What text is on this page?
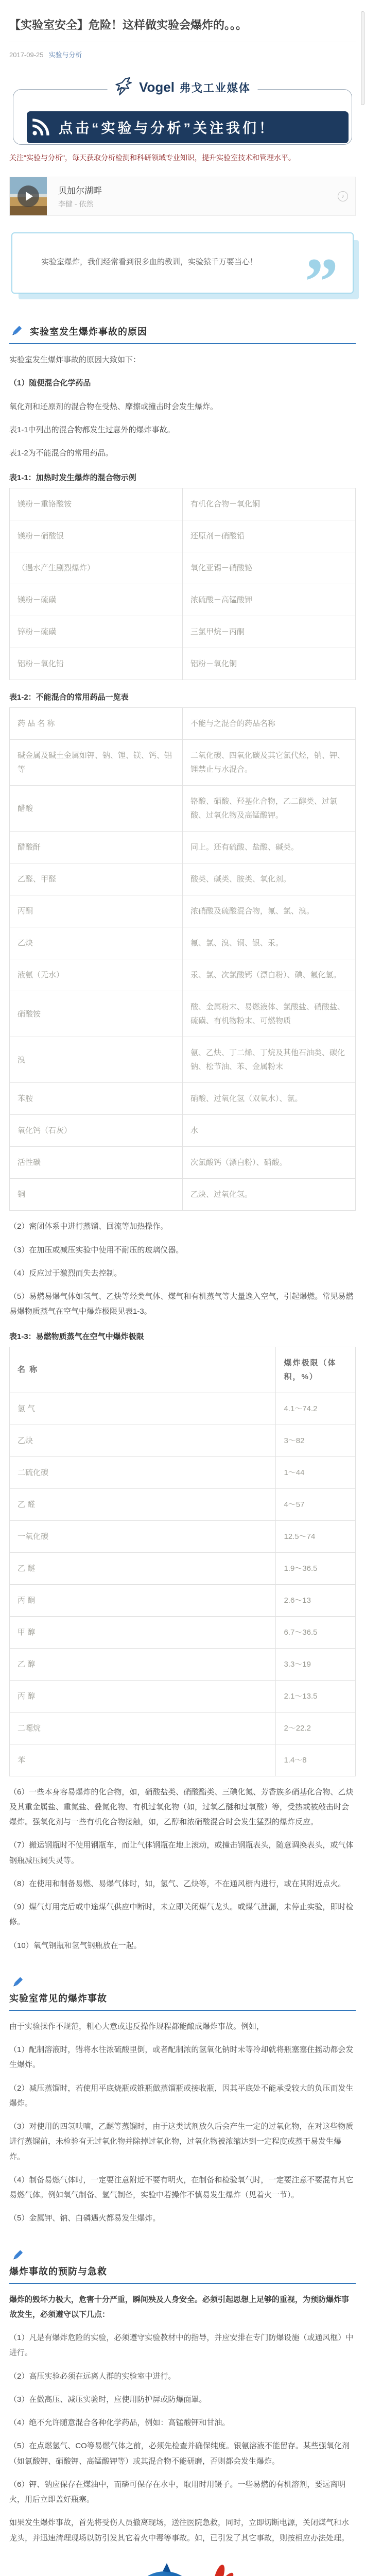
【实验室安全】危险！这样做实验会爆炸的。。。
2017-09-25 实验与分析
Vogel 弗戈工业媒体
点击“实验与分析”关注我们！

关注"实验与分析"，每天获取分析检测和科研领域专业知识，提升实验室技术和管理水平。

贝加尔湖畔

李健 - 依然

♪

实验室爆炸，我们经常看到很多血的教训，实验猿千万要当心！ ”
实验室发生爆炸事故的原因

实验室发生爆炸事故的原因大致如下：

（1）随便混合化学药品

氧化剂和还原剂的混合物在受热、摩擦或撞击时会发生爆炸。

表1-1中列出的混合物都发生过意外的爆炸事故。

表1-2为不能混合的常用药品。

表1-1：加热时发生爆炸的混合物示例

镁粉－重铬酸铵	有机化合物－氧化铜
镁粉－硝酸银	还原剂－硝酸铅
（遇水产生剧烈爆炸）	氧化亚锡－硝酸铋
镁粉－硫磺	浓硫酸－高锰酸钾
锌粉－硫磺	三氯甲烷－丙酮
铝粉－氧化铅	铝粉－氧化铜

表1-2：不能混合的常用药品一览表

药 品 名 称	不能与之混合的药品名称
碱金属及碱土金属如钾、钠、锂、镁、钙、铝等	二氧化碳、四氧化碳及其它氯代烃，钠、钾、锂禁止与水混合。
醋酸	铬酸、硝酸、羟基化合物，乙二醇类、过氯酸、过氧化物及高锰酸钾。
醋酸酐	同上。还有硫酸、盐酸、碱类。
乙醛、甲醛	酸类、碱类、胺类、氧化剂。
丙酮	浓硝酸及硫酸混合物，氟、氯、溴。
乙炔	氟、氯、溴、铜、银、汞。
液氨（无水）	汞、氯、次氯酸钙（漂白粉）、碘、氟化氢。
硝酸铵	酸、金属粉末、易燃液体、氯酸盐、硝酸盐、硫磺、有机物粉末、可燃物质
溴	氨、乙炔、丁二烯、丁烷及其他石油类、碳化钠、松节油、苯、金属粉末
苯胺	硝酸、过氧化氢（双氧水）、氯。
氧化钙（石灰）	水
活性碳	次氯酸钙（漂白粉）、硝酸。
铜	乙炔、过氧化氢。

（2）密闭体系中进行蒸馏、回流等加热操作。

（3）在加压或减压实验中使用不耐压的玻璃仪器。

（4）反应过于激烈而失去控制。

（5）易燃易爆气体如氢气、乙炔等烃类气体、煤气和有机蒸气等大量逸入空气，引起爆燃。常见易燃易爆物质蒸气在空气中爆炸极限见表1-3。

表1-3：易燃物质蒸气在空气中爆炸极限

名 称	爆炸极限（体积，%）
氢 气	4.1～74.2
乙炔	3～82
二硫化碳	1～44
乙 醛	4～57
一氧化碳	12.5～74
乙 醚	1.9～36.5
丙 酮	2.6～13
甲 醇	6.7～36.5
乙 醇	3.3～19
丙 醇	2.1～13.5
二噁烷	2～22.2
苯	1.4～8

（6）一些本身容易爆炸的化合物，如，硝酸盐类、硝酸酯类、三碘化氮、芳香族多硝基化合物、乙炔及其重金属盐、重氮盐、叠氮化物、有机过氧化物（如，过氧乙醚和过氧酸）等，受热或被敲击时会爆炸。强氧化剂与一些有机化合物接触，如，乙醇和浓硝酸混合时会发生猛烈的爆炸反应。

（7）搬运钢瓶时不使用钢瓶车，而让气体钢瓶在地上滚动，或撞击钢瓶表头，随意调换表头，或气体钢瓶减压阀失灵等。

（8）在使用和制备易燃、易爆气体时，如，氢气、乙炔等，不在通风橱内进行，或在其附近点火。

（9）煤气灯用完后或中途煤气供应中断时，未立即关闭煤气龙头。或煤气泄漏，未停止实验，即时检修。

（10）氧气钢瓶和氢气钢瓶放在一起。

实验室常见的爆炸事故

由于实验操作不规范，粗心大意或违反操作规程都能酿成爆炸事故。例如，

（1）配制溶液时，错将水往浓硫酸里倒，或者配制浓的氢氧化钠时未等冷却就将瓶塞塞住摇动都会发生爆炸。

（2）减压蒸馏时，若使用平底烧瓶或锥瓶做蒸馏瓶或接收瓶，因其平底处不能承受较大的负压而发生爆炸。

（3）对使用的四氢呋喃，乙醚等蒸馏时，由于这类试剂放久后会产生一定的过氧化物，在对这些物质进行蒸馏前，未检验有无过氧化物并除掉过氧化物，过氧化物被浓缩达到一定程度或蒸干易发生爆炸。

（4）制备易燃气体时，一定要注意附近不要有明火，在制备和检验氧气时，一定要注意不要混有其它易燃气体。例如氧气制备、氢气制备，实验中若操作不慎易发生爆炸（见着火一节）。

（5）金属钾、钠、白磷遇火都易发生爆炸。

爆炸事故的预防与急救

爆炸的毁坏力极大，危害十分严重，瞬间殃及人身安全。必须引起思想上足够的重视，为预防爆炸事故发生，必须遵守以下几点：

（1）凡是有爆炸危险的实验，必须遵守实验教材中的指导，并应安排在专门防爆设施（或通风框）中进行。

（2）高压实验必须在远离人群的实验室中进行。

（3）在做高压、减压实验时，应使用防护屏或防爆面罩。

（4）绝不允许随意混合各种化学药品，例如：高锰酸钾和甘油。

（5）在点燃氢气、CO等易燃气体之前，必须先检查并确保纯度。银氨溶液不能留存。某些强氧化剂（如氯酸钾、硝酸钾、高锰酸钾等）或其混合物不能研磨，否则都会发生爆炸。

（6）钾、钠应保存在煤油中，而磷可保存在水中，取用时用镊子。一些易燃的有机溶剂，要远离明火，用后立即盖好瓶塞。

如果发生爆炸事故，首先将受伤人员撤离现场，送往医院急救，同时，立即切断电源，关闭煤气和水龙头，并迅速清理现场以防引发其它着火中毒等事故。如，已引发了其它事故，则按相应办法处理。
